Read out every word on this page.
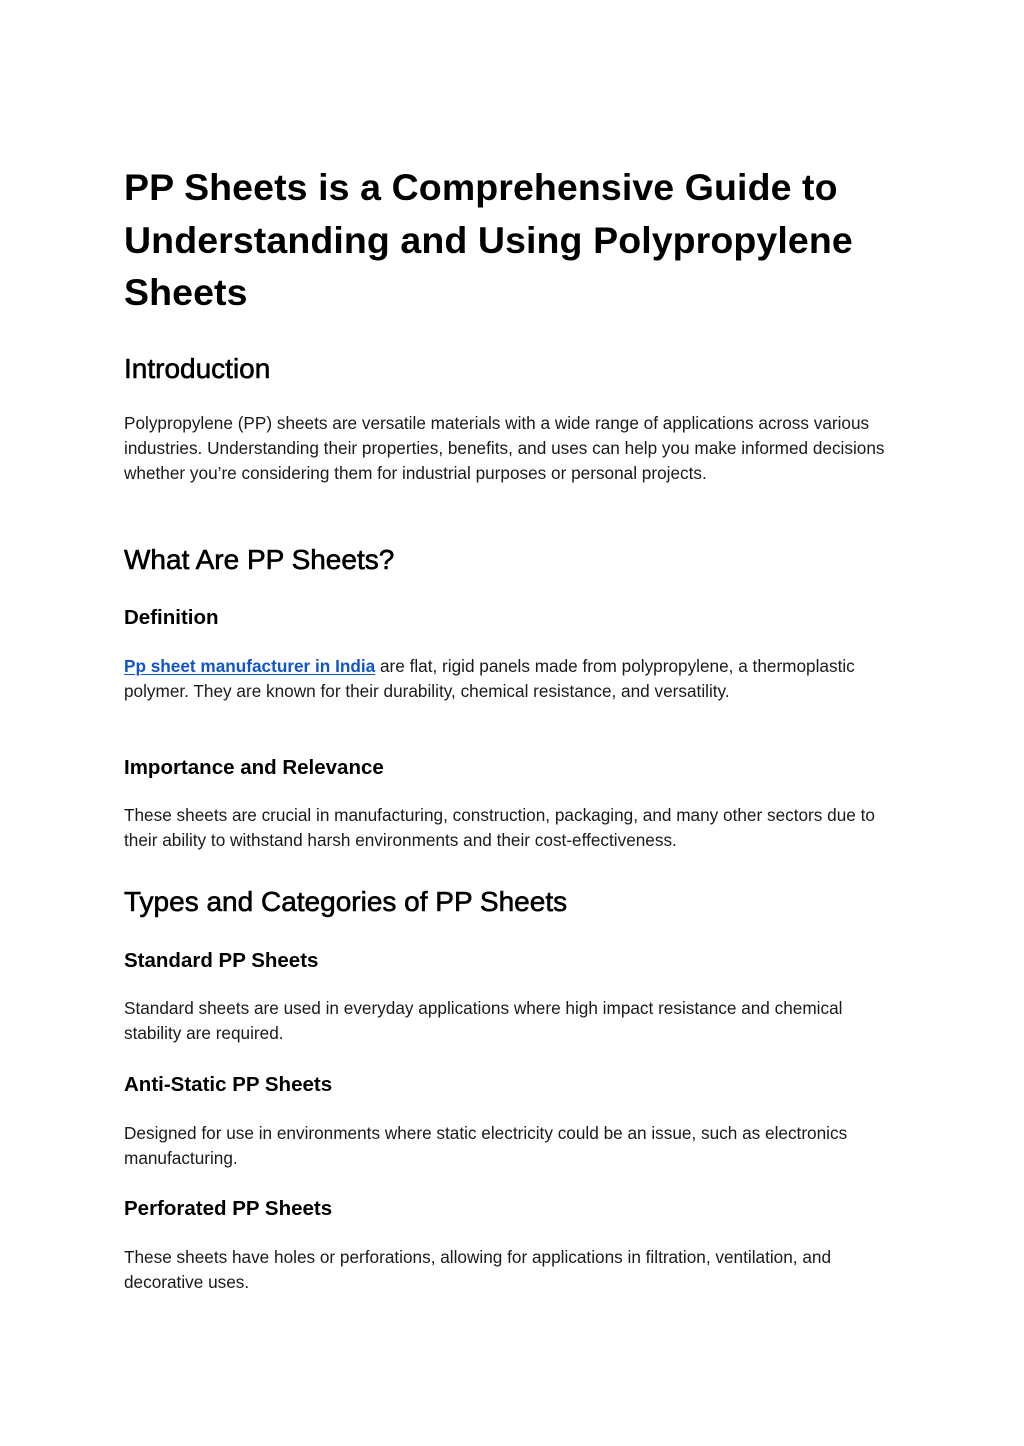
PP Sheets is a Comprehensive Guide to Understanding and Using Polypropylene Sheets
Introduction

Polypropylene (PP) sheets are versatile materials with a wide range of applications across various industries. Understanding their properties, benefits, and uses can help you make informed decisions whether you’re considering them for industrial purposes or personal projects.

What Are PP Sheets?
Definition

Pp sheet manufacturer in India are flat, rigid panels made from polypropylene, a thermoplastic polymer. They are known for their durability, chemical resistance, and versatility.

Importance and Relevance

These sheets are crucial in manufacturing, construction, packaging, and many other sectors due to their ability to withstand harsh environments and their cost-effectiveness.

Types and Categories of PP Sheets
Standard PP Sheets

Standard sheets are used in everyday applications where high impact resistance and chemical stability are required.

Anti-Static PP Sheets

Designed for use in environments where static electricity could be an issue, such as electronics manufacturing.

Perforated PP Sheets

These sheets have holes or perforations, allowing for applications in filtration, ventilation, and decorative uses.
